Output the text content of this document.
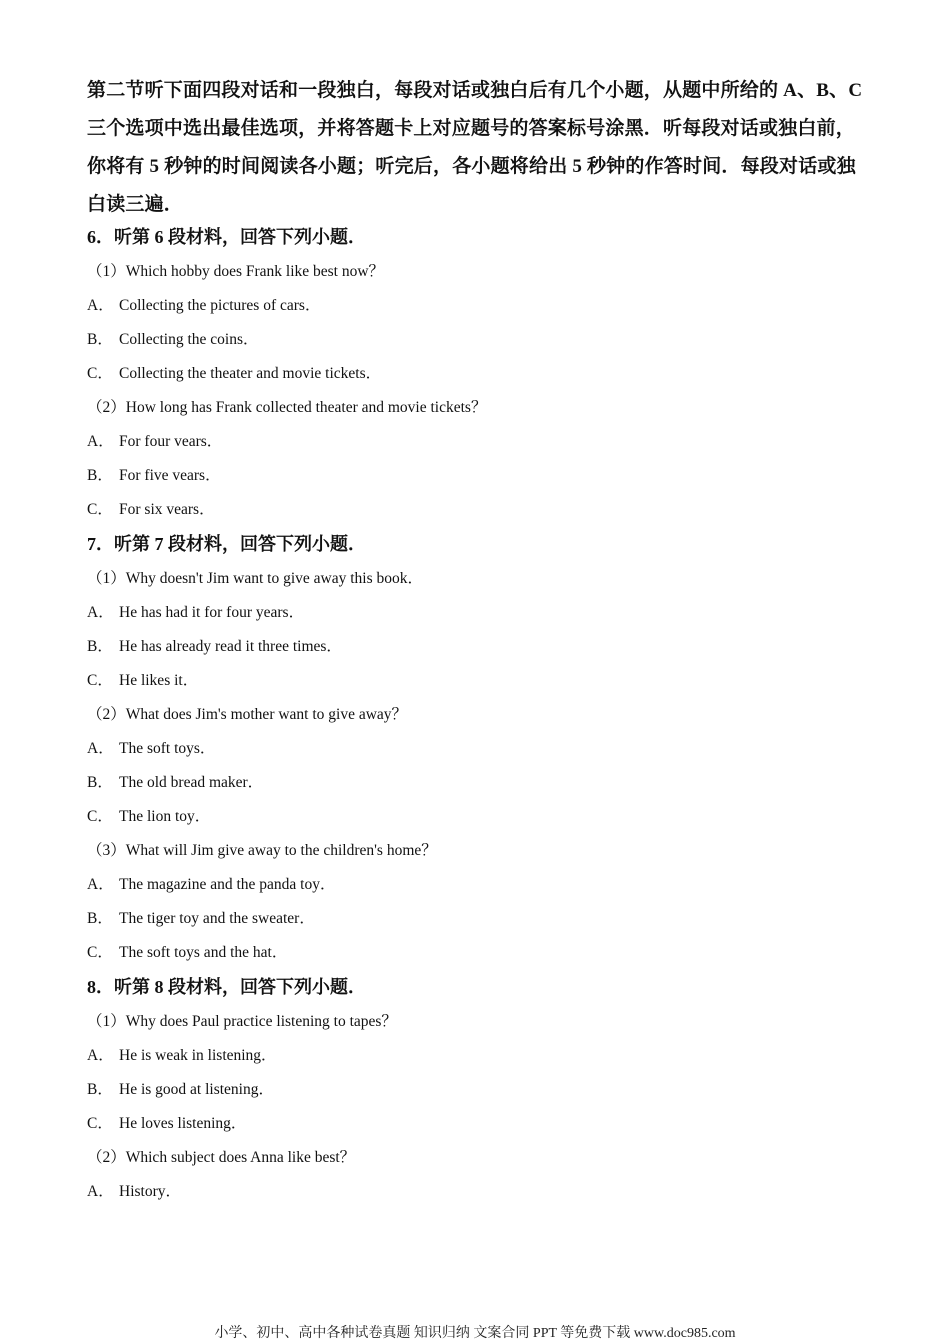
第二节听下面四段对话和一段独白，每段对话或独白后有几个小题，从题中所给的 A、B、C
三个选项中选出最佳选项，并将答题卡上对应题号的答案标号涂黑．听每段对话或独白前，
你将有 5 秒钟的时间阅读各小题；听完后，各小题将给出 5 秒钟的作答时间．每段对话或独
白读三遍．
6．听第 6 段材料，回答下列小题．
（1）Which hobby does Frank like best now？
A． Collecting the pictures of cars．
B． Collecting the coins．
C． Collecting the theater and movie tickets．
（2）How long has Frank collected theater and movie tickets？
A． For four vears．
B． For five vears．
C． For six vears．
7．听第 7 段材料，回答下列小题．
（1）Why doesn't Jim want to give away this book．
A． He has had it for four years．
B． He has already read it three times．
C． He likes it．
（2）What does Jim's mother want to give away？
A． The soft toys．
B． The old bread maker．
C． The lion toy．
（3）What will Jim give away to the children's home？
A． The magazine and the panda toy．
B． The tiger toy and the sweater．
C． The soft toys and the hat．
8．听第 8 段材料，回答下列小题．
（1）Why does Paul practice listening to tapes？
A． He is weak in listening．
B． He is good at listening．
C． He loves listening．
（2）Which subject does Anna like best？
A． History．
小学、初中、高中各种试卷真题 知识归纳 文案合同 PPT 等免费下载 www.doc985.com
